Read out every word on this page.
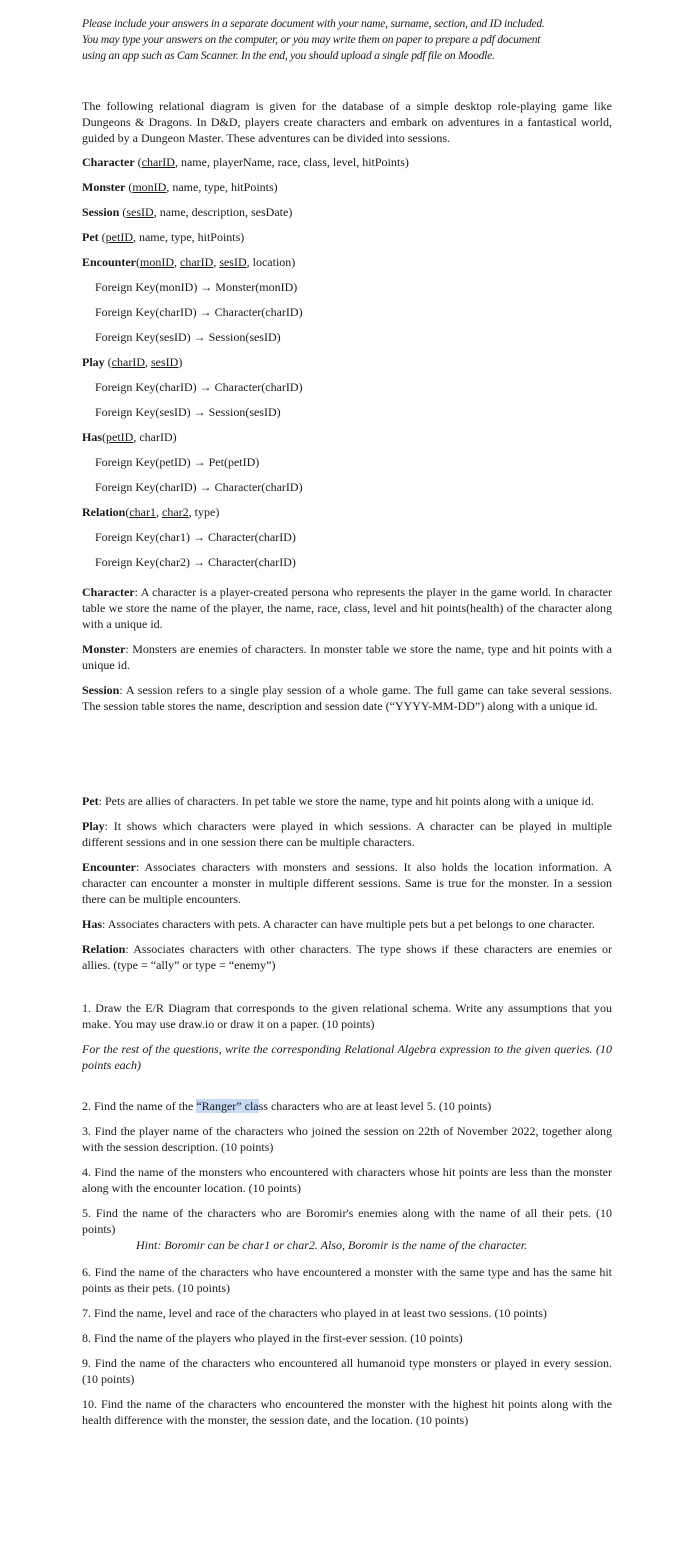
Please include your answers in a separate document with your name, surname, section, and ID included.

You may type your answers on the computer, or you may write them on paper to prepare a pdf document

using an app such as Cam Scanner. In the end, you should upload a single pdf file on Moodle.

The following relational diagram is given for the database of a simple desktop role-playing game like Dungeons & Dragons. In D&D, players create characters and embark on adventures in a fantastical world, guided by a Dungeon Master. These adventures can be divided into sessions.

Character (charID, name, playerName, race, class, level, hitPoints)
Monster (monID, name, type, hitPoints)
Session (sesID, name, description, sesDate)
Pet (petID, name, type, hitPoints)
Encounter(monID, charID, sesID, location)
Foreign Key(monID) → Monster(monID)
Foreign Key(charID) → Character(charID)
Foreign Key(sesID) → Session(sesID)
Play (charID, sesID)
Foreign Key(charID) → Character(charID)
Foreign Key(sesID) → Session(sesID)
Has(petID, charID)
Foreign Key(petID) → Pet(petID)
Foreign Key(charID) → Character(charID)
Relation(char1, char2, type)
Foreign Key(char1) → Character(charID)
Foreign Key(char2) → Character(charID)

Character: A character is a player-created persona who represents the player in the game world. In character table we store the name of the player, the name, race, class, level and hit points(health) of the character along with a unique id.

Monster: Monsters are enemies of characters. In monster table we store the name, type and hit points with a unique id.

Session: A session refers to a single play session of a whole game. The full game can take several sessions. The session table stores the name, description and session date (“YYYY-MM-DD”) along with a unique id.

Pet: Pets are allies of characters. In pet table we store the name, type and hit points along with a unique id.

Play: It shows which characters were played in which sessions. A character can be played in multiple different sessions and in one session there can be multiple characters.

Encounter: Associates characters with monsters and sessions. It also holds the location information. A character can encounter a monster in multiple different sessions. Same is true for the monster. In a session there can be multiple encounters.

Has: Associates characters with pets. A character can have multiple pets but a pet belongs to one character.

Relation: Associates characters with other characters. The type shows if these characters are enemies or allies. (type = “ally” or type = “enemy”)

1. Draw the E/R Diagram that corresponds to the given relational schema. Write any assumptions that you make. You may use draw.io or draw it on a paper. (10 points)

For the rest of the questions, write the corresponding Relational Algebra expression to the given queries. (10 points each)

2. Find the name of the “Ranger” class characters who are at least level 5. (10 points)

3. Find the player name of the characters who joined the session on 22th of November 2022, together along with the session description. (10 points)

4. Find the name of the monsters who encountered with characters whose hit points are less than the monster along with the encounter location. (10 points)

5. Find the name of the characters who are Boromir's enemies along with the name of all their pets. (10 points)

Hint: Boromir can be char1 or char2. Also, Boromir is the name of the character.

6. Find the name of the characters who have encountered a monster with the same type and has the same hit points as their pets. (10 points)

7. Find the name, level and race of the characters who played in at least two sessions. (10 points)

8. Find the name of the players who played in the first-ever session. (10 points)

9. Find the name of the characters who encountered all humanoid type monsters or played in every session. (10 points)

10. Find the name of the characters who encountered the monster with the highest hit points along with the health difference with the monster, the session date, and the location. (10 points)
